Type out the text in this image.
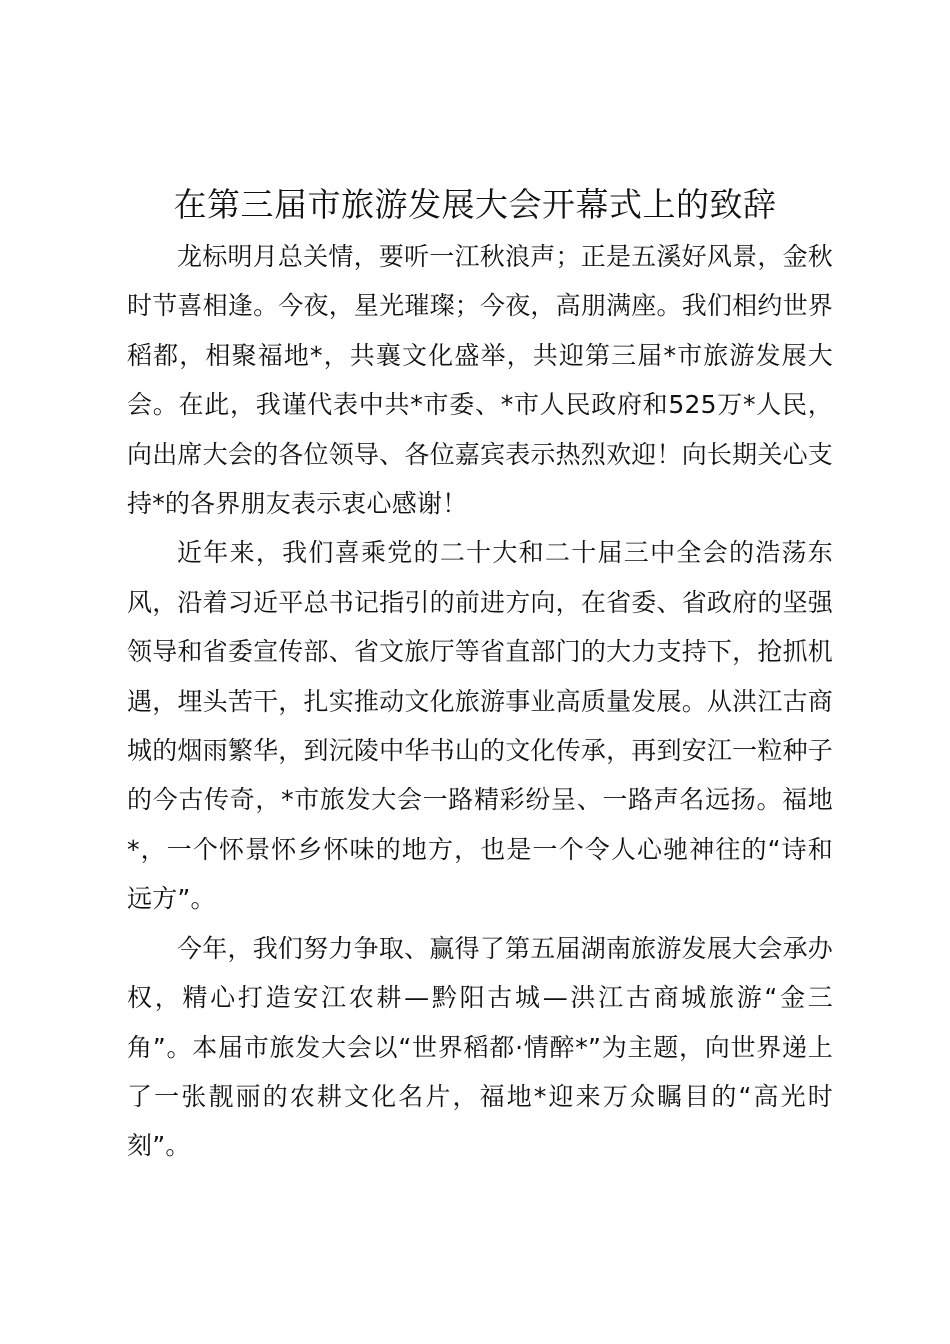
在第三届市旅游发展大会开幕式上的致辞

龙标明月总关情，要听一江秋浪声；正是五溪好风景，金秋时节喜相逢。今夜，星光璀璨；今夜，高朋满座。我们相约世界稻都，相聚福地*，共襄文化盛举，共迎第三届*市旅游发展大会。在此，我谨代表中共*市委、*市人民政府和525万*人民，向出席大会的各位领导、各位嘉宾表示热烈欢迎！向长期关心支持*的各界朋友表示衷心感谢！

近年来，我们喜乘党的二十大和二十届三中全会的浩荡东风，沿着习近平总书记指引的前进方向，在省委、省政府的坚强领导和省委宣传部、省文旅厅等省直部门的大力支持下，抢抓机遇，埋头苦干，扎实推动文化旅游事业高质量发展。从洪江古商城的烟雨繁华，到沅陵中华书山的文化传承，再到安江一粒种子的今古传奇，*市旅发大会一路精彩纷呈、一路声名远扬。福地*，一个怀景怀乡怀味的地方，也是一个令人心驰神往的“诗和远方”。

今年，我们努力争取、赢得了第五届湖南旅游发展大会承办权，精心打造安江农耕—黔阳古城—洪江古商城旅游“金三角”。本届市旅发大会以“世界稻都·情醉*”为主题，向世界递上了一张靓丽的农耕文化名片，福地*迎来万众瞩目的“高光时刻”。
